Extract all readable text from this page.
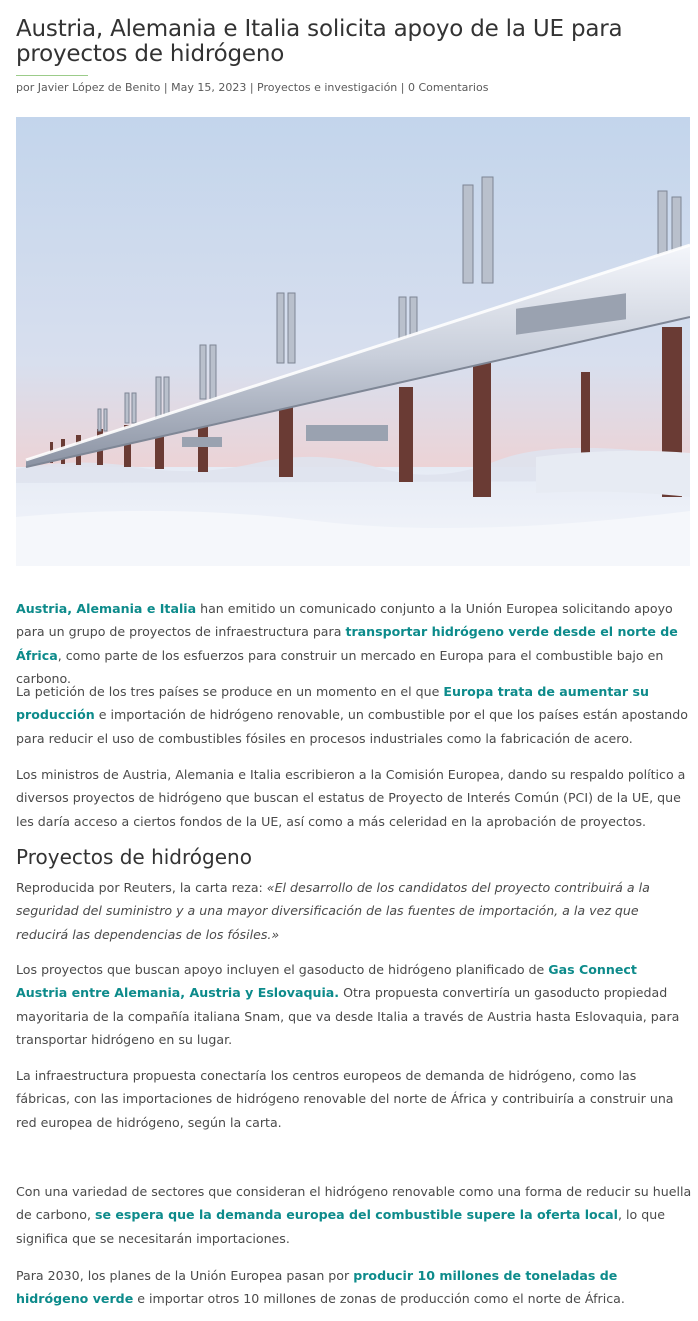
Austria, Alemania e Italia solicita apoyo de la UE para proyectos de hidrógeno
por Javier López de Benito | May 15, 2023 | Proyectos e investigación | 0 Comentarios

Austria, Alemania e Italia han emitido un comunicado conjunto a la Unión Europea solicitando apoyo para un grupo de proyectos de infraestructura para transportar hidrógeno verde desde el norte de África, como parte de los esfuerzos para construir un mercado en Europa para el combustible bajo en carbono.

La petición de los tres países se produce en un momento en el que Europa trata de aumentar su producción e importación de hidrógeno renovable, un combustible por el que los países están apostando para reducir el uso de combustibles fósiles en procesos industriales como la fabricación de acero.

Los ministros de Austria, Alemania e Italia escribieron a la Comisión Europea, dando su respaldo político a diversos proyectos de hidrógeno que buscan el estatus de Proyecto de Interés Común (PCI) de la UE, que les daría acceso a ciertos fondos de la UE, así como a más celeridad en la aprobación de proyectos.

Proyectos de hidrógeno

Reproducida por Reuters, la carta reza: «El desarrollo de los candidatos del proyecto contribuirá a la seguridad del suministro y a una mayor diversificación de las fuentes de importación, a la vez que reducirá las dependencias de los fósiles.»

Los proyectos que buscan apoyo incluyen el gasoducto de hidrógeno planificado de Gas Connect Austria entre Alemania, Austria y Eslovaquia. Otra propuesta convertiría un gasoducto propiedad mayoritaria de la compañía italiana Snam, que va desde Italia a través de Austria hasta Eslovaquia, para transportar hidrógeno en su lugar.

La infraestructura propuesta conectaría los centros europeos de demanda de hidrógeno, como las fábricas, con las importaciones de hidrógeno renovable del norte de África y contribuiría a construir una red europea de hidrógeno, según la carta.

Con una variedad de sectores que consideran el hidrógeno renovable como una forma de reducir su huella de carbono, se espera que la demanda europea del combustible supere la oferta local, lo que significa que se necesitarán importaciones.

Para 2030, los planes de la Unión Europea pasan por producir 10 millones de toneladas de hidrógeno verde e importar otros 10 millones de zonas de producción como el norte de África.
